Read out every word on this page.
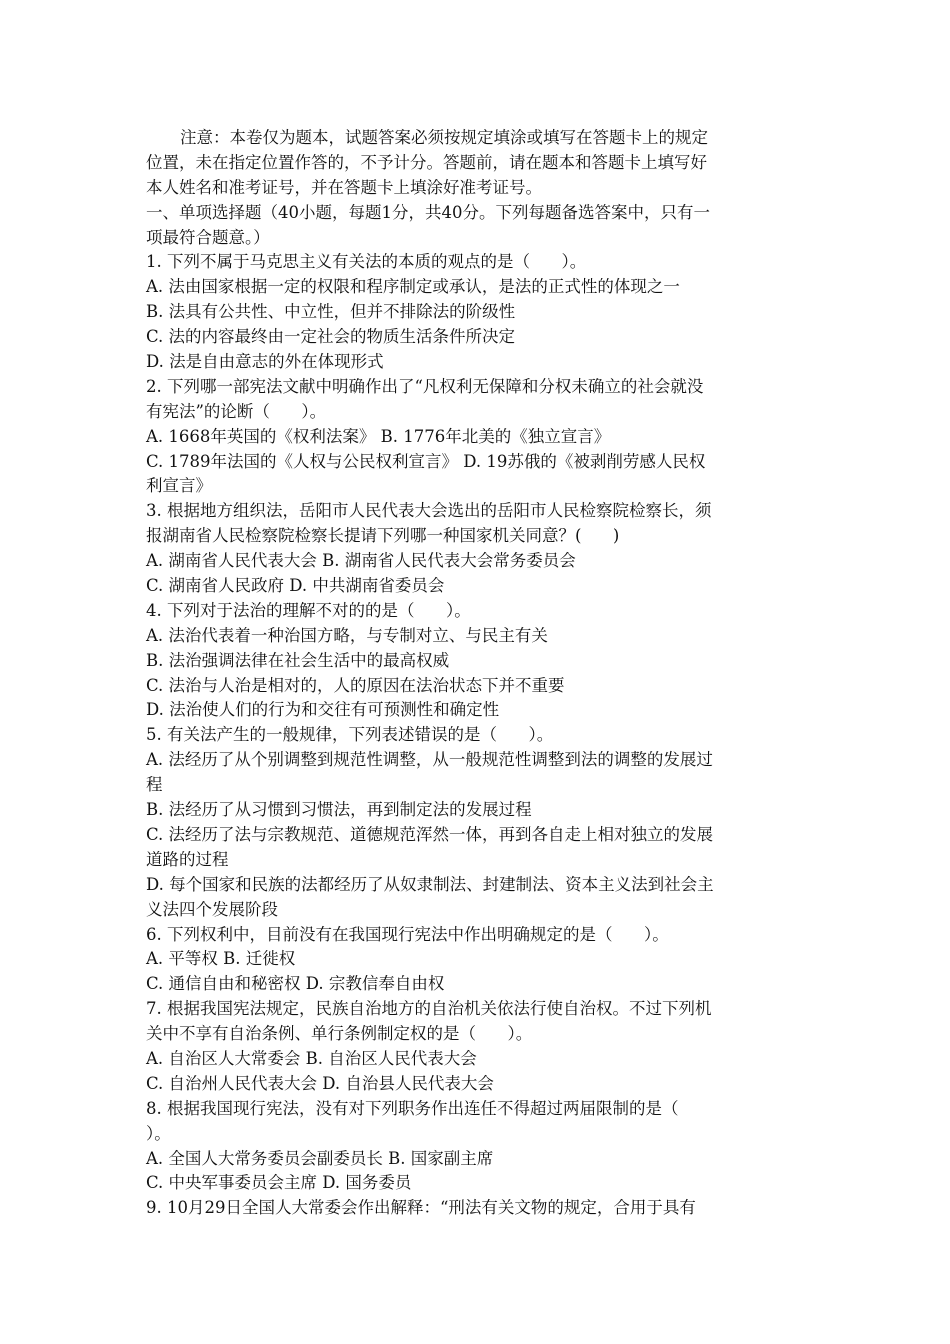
注意：本卷仅为题本，试题答案必须按规定填涂或填写在答题卡上的规定
位置，未在指定位置作答的，不予计分。答题前，请在题本和答题卡上填写好
本人姓名和准考证号，并在答题卡上填涂好准考证号。
一、单项选择题（40小题，每题1分，共40分。下列每题备选答案中，只有一
项最符合题意。）
1. 下列不属于马克思主义有关法的本质的观点的是（      ）。
A. 法由国家根据一定的权限和程序制定或承认，是法的正式性的体现之一
B. 法具有公共性、中立性，但并不排除法的阶级性
C. 法的内容最终由一定社会的物质生活条件所决定
D. 法是自由意志的外在体现形式
2. 下列哪一部宪法文献中明确作出了“凡权利无保障和分权未确立的社会就没
有宪法”的论断（      ）。
A. 1668年英国的《权利法案》 B. 1776年北美的《独立宣言》
C. 1789年法国的《人权与公民权利宣言》 D. 19苏俄的《被剥削劳感人民权
利宣言》
3. 根据地方组织法，岳阳市人民代表大会选出的岳阳市人民检察院检察长，须
报湖南省人民检察院检察长提请下列哪一种国家机关同意？(      )
A. 湖南省人民代表大会 B. 湖南省人民代表大会常务委员会
C. 湖南省人民政府 D. 中共湖南省委员会
4. 下列对于法治的理解不对的的是（      ）。
A. 法治代表着一种治国方略，与专制对立、与民主有关
B. 法治强调法律在社会生活中的最高权威
C. 法治与人治是相对的，人的原因在法治状态下并不重要
D. 法治使人们的行为和交往有可预测性和确定性
5. 有关法产生的一般规律，下列表述错误的是（      ）。
A. 法经历了从个别调整到规范性调整，从一般规范性调整到法的调整的发展过
程
B. 法经历了从习惯到习惯法，再到制定法的发展过程
C. 法经历了法与宗教规范、道德规范浑然一体，再到各自走上相对独立的发展
道路的过程
D. 每个国家和民族的法都经历了从奴隶制法、封建制法、资本主义法到社会主
义法四个发展阶段
6. 下列权利中，目前没有在我国现行宪法中作出明确规定的是（      ）。
A. 平等权 B. 迁徙权
C. 通信自由和秘密权 D. 宗教信奉自由权
7. 根据我国宪法规定，民族自治地方的自治机关依法行使自治权。不过下列机
关中不享有自治条例、单行条例制定权的是（      ）。
A. 自治区人大常委会 B. 自治区人民代表大会
C. 自治州人民代表大会 D. 自治县人民代表大会
8. 根据我国现行宪法，没有对下列职务作出连任不得超过两届限制的是（
）。
A. 全国人大常务委员会副委员长 B. 国家副主席
C. 中央军事委员会主席 D. 国务委员
9. 10月29日全国人大常委会作出解释：“刑法有关文物的规定，合用于具有
